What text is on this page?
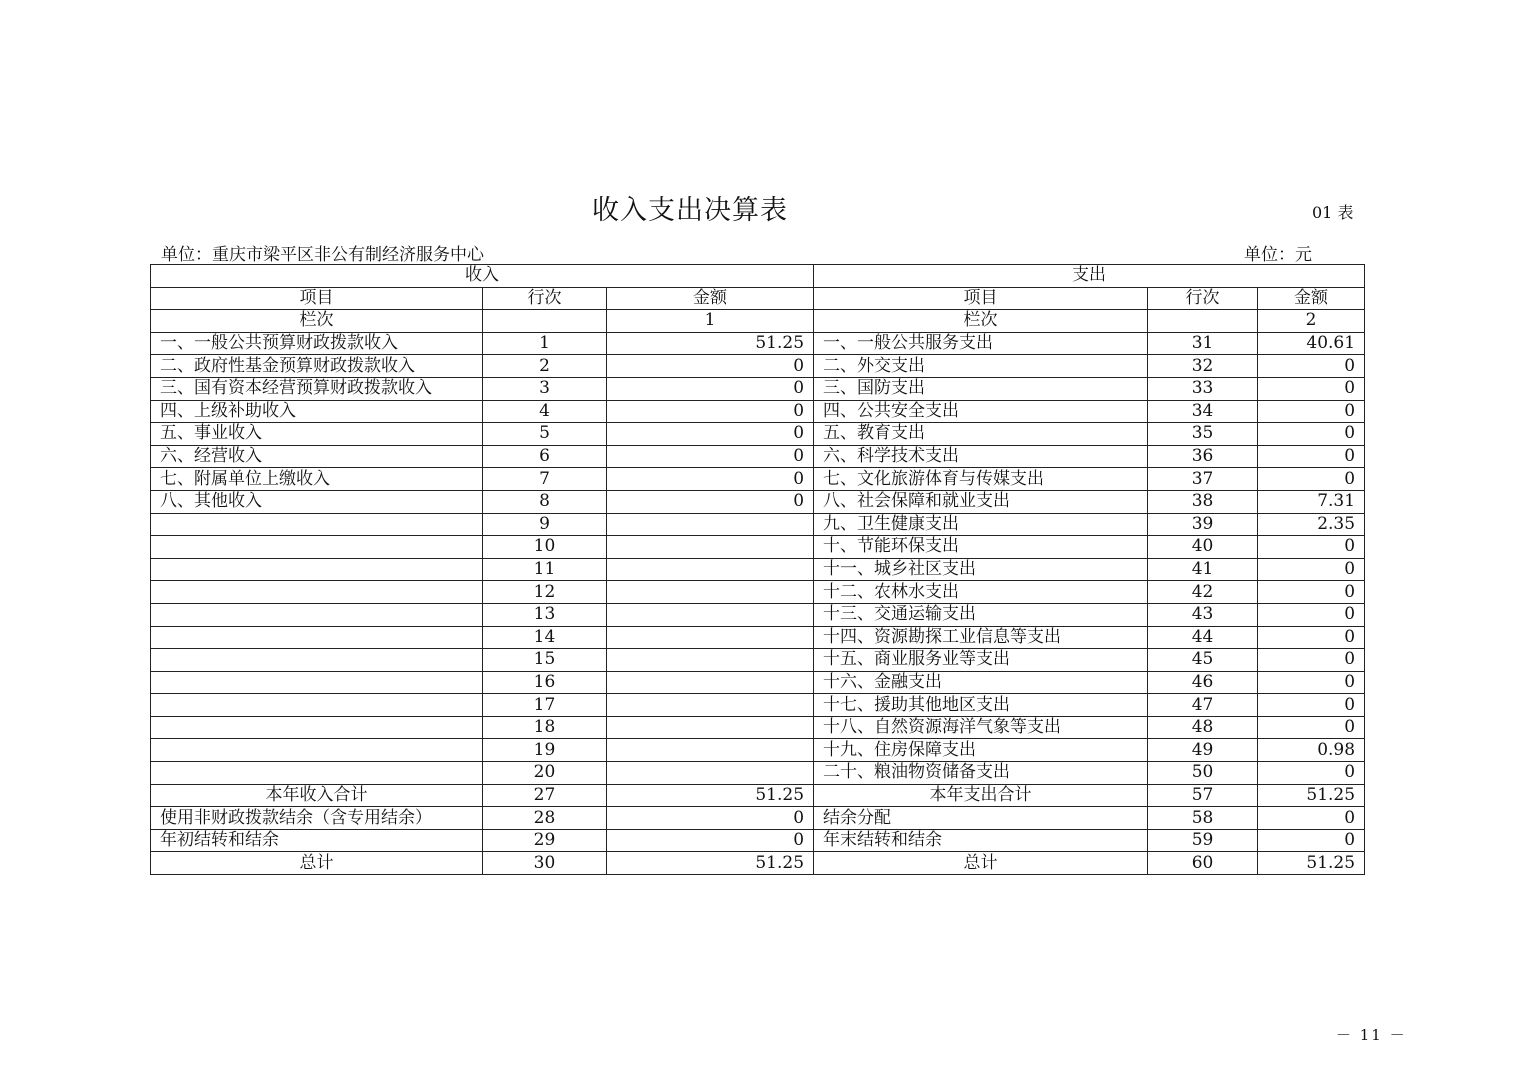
收入支出决算表	01 表
单位：重庆市梁平区非公有制经济服务中心	单位：元
收入			支出		
项目	行次	金额	项目	行次	金额
栏次		1	栏次		2
一、一般公共预算财政拨款收入	1	51.25	一、一般公共服务支出	31	40.61
二、政府性基金预算财政拨款收入	2	0	二、外交支出	32	0
三、国有资本经营预算财政拨款收入	3	0	三、国防支出	33	0
四、上级补助收入	4	0	四、公共安全支出	34	0
五、事业收入	5	0	五、教育支出	35	0
六、经营收入	6	0	六、科学技术支出	36	0
七、附属单位上缴收入	7	0	七、文化旅游体育与传媒支出	37	0
八、其他收入	8	0	八、社会保障和就业支出	38	7.31
	9		九、卫生健康支出	39	2.35
	10		十、节能环保支出	40	0
	11		十一、城乡社区支出	41	0
	12		十二、农林水支出	42	0
	13		十三、交通运输支出	43	0
	14		十四、资源勘探工业信息等支出	44	0
	15		十五、商业服务业等支出	45	0
	16		十六、金融支出	46	0
	17		十七、援助其他地区支出	47	0
	18		十八、自然资源海洋气象等支出	48	0
	19		十九、住房保障支出	49	0.98
	20		二十、粮油物资储备支出	50	0
本年收入合计	27	51.25	本年支出合计	57	51.25
使用非财政拨款结余（含专用结余）	28	0	结余分配	58	0
年初结转和结余	29	0	年末结转和结余	59	0
总计	30	51.25	总计	60	51.25
－ 11 －
